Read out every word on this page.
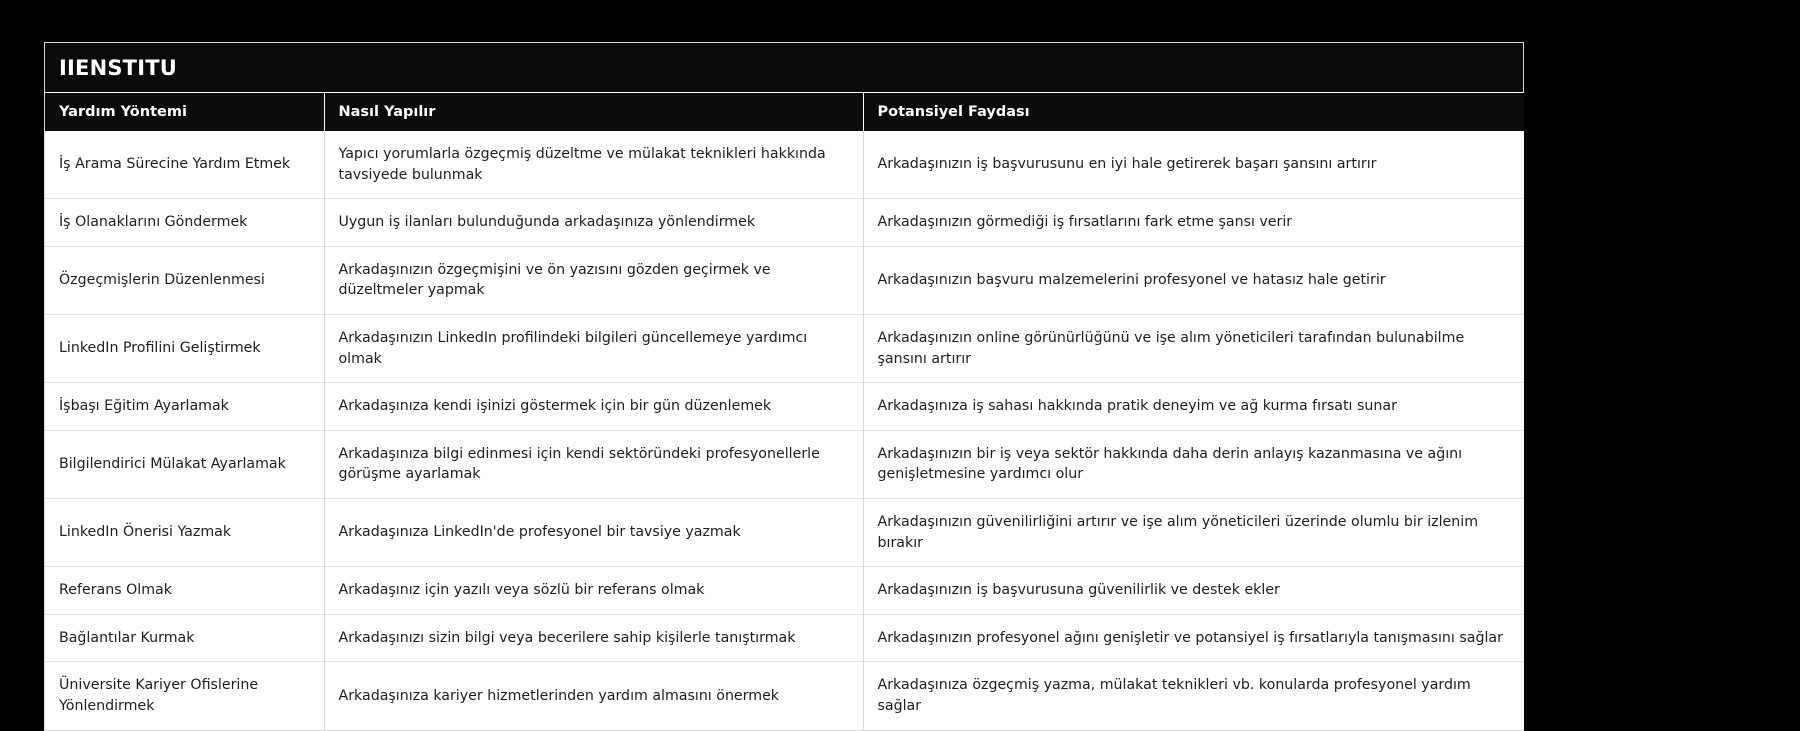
IIENSTITU
Yardım Yöntemi	Nasıl Yapılır	Potansiyel Faydası
İş Arama Sürecine Yardım Etmek	Yapıcı yorumlarla özgeçmiş düzeltme ve mülakat teknikleri hakkında tavsiyede bulunmak	Arkadaşınızın iş başvurusunu en iyi hale getirerek başarı şansını artırır
İş Olanaklarını Göndermek	Uygun iş ilanları bulunduğunda arkadaşınıza yönlendirmek	Arkadaşınızın görmediği iş fırsatlarını fark etme şansı verir
Özgeçmişlerin Düzenlenmesi	Arkadaşınızın özgeçmişini ve ön yazısını gözden geçirmek ve düzeltmeler yapmak	Arkadaşınızın başvuru malzemelerini profesyonel ve hatasız hale getirir
LinkedIn Profilini Geliştirmek	Arkadaşınızın LinkedIn profilindeki bilgileri güncellemeye yardımcı olmak	Arkadaşınızın online görünürlüğünü ve işe alım yöneticileri tarafından bulunabilme şansını artırır
İşbaşı Eğitim Ayarlamak	Arkadaşınıza kendi işinizi göstermek için bir gün düzenlemek	Arkadaşınıza iş sahası hakkında pratik deneyim ve ağ kurma fırsatı sunar
Bilgilendirici Mülakat Ayarlamak	Arkadaşınıza bilgi edinmesi için kendi sektöründeki profesyonellerle görüşme ayarlamak	Arkadaşınızın bir iş veya sektör hakkında daha derin anlayış kazanmasına ve ağını genişletmesine yardımcı olur
LinkedIn Önerisi Yazmak	Arkadaşınıza LinkedIn'de profesyonel bir tavsiye yazmak	Arkadaşınızın güvenilirliğini artırır ve işe alım yöneticileri üzerinde olumlu bir izlenim bırakır
Referans Olmak	Arkadaşınız için yazılı veya sözlü bir referans olmak	Arkadaşınızın iş başvurusuna güvenilirlik ve destek ekler
Bağlantılar Kurmak	Arkadaşınızı sizin bilgi veya becerilere sahip kişilerle tanıştırmak	Arkadaşınızın profesyonel ağını genişletir ve potansiyel iş fırsatlarıyla tanışmasını sağlar
Üniversite Kariyer Ofislerine Yönlendirmek	Arkadaşınıza kariyer hizmetlerinden yardım almasını önermek	Arkadaşınıza özgeçmiş yazma, mülakat teknikleri vb. konularda profesyonel yardım sağlar
